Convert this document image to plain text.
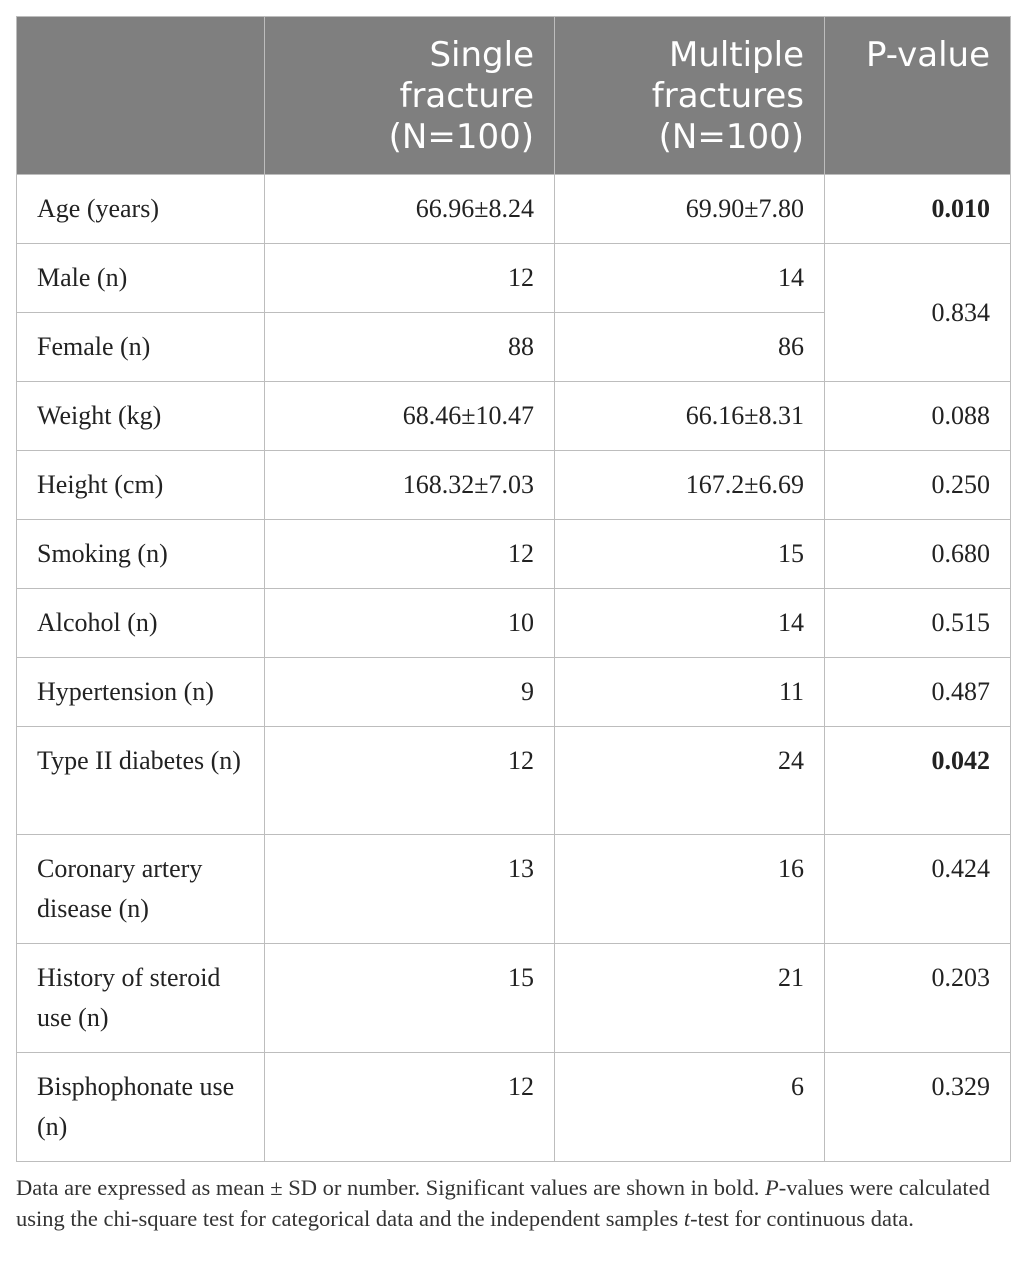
	Single fracture (N=100)	Multiple fractures (N=100)	P-value
Age (years)	66.96±8.24	69.90±7.80	0.010
Male (n)	12	14	0.834
Female (n)	88	86	
Weight (kg)	68.46±10.47	66.16±8.31	0.088
Height (cm)	168.32±7.03	167.2±6.69	0.250
Smoking (n)	12	15	0.680
Alcohol (n)	10	14	0.515
Hypertension (n)	9	11	0.487
Type II diabetes (n)	12	24	0.042
Coronary artery disease (n)	13	16	0.424
History of steroid use (n)	15	21	0.203
Bisphophonate use (n)	12	6	0.329
Data are expressed as mean ± SD or number. Significant values are shown in bold. P-values were calculated using the chi-square test for categorical data and the independent samples t-test for continuous data.
